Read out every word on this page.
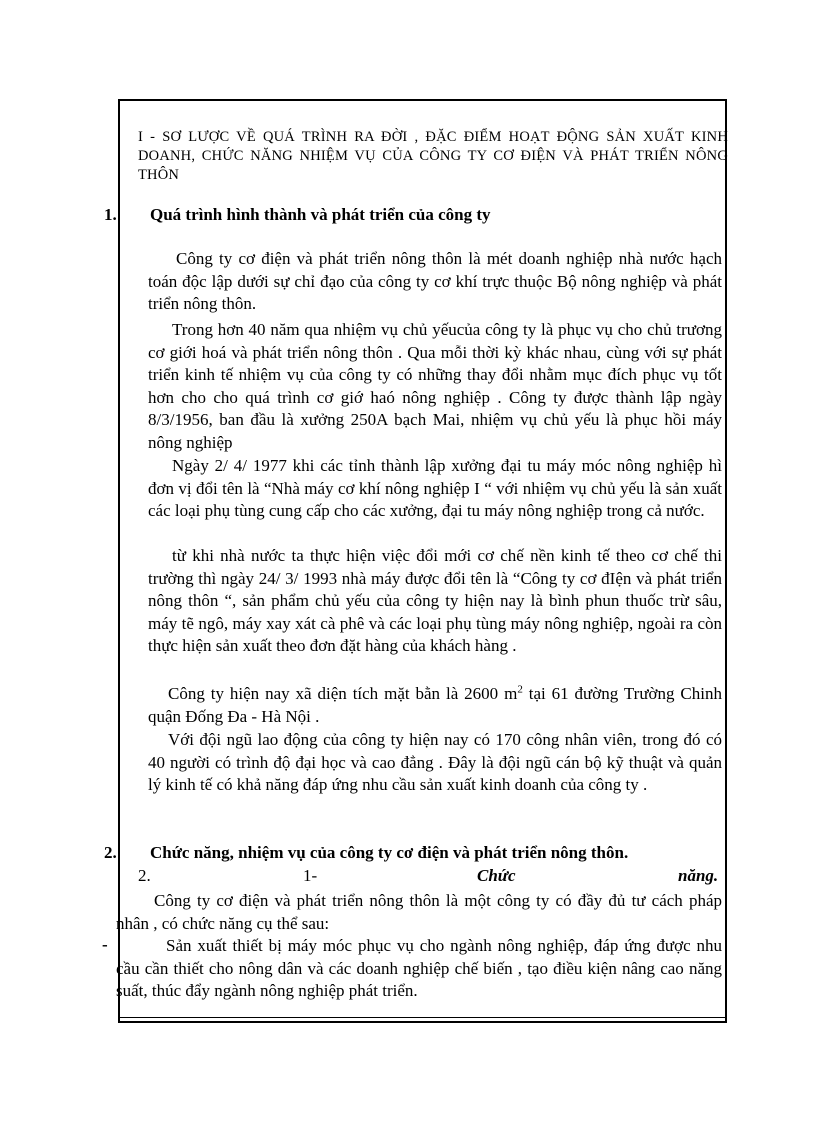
I - SƠ LƯỢC VỀ QUÁ TRÌNH RA ĐỜI , ĐẶC ĐIỂM HOẠT ĐỘNG SẢN XUẤT KINH DOANH, CHỨC NĂNG NHIỆM VỤ CỦA CÔNG TY CƠ ĐIỆN VÀ PHÁT TRIỂN NÔNG THÔN
1. Quá trình hình thành và phát triển của công ty
Công ty cơ điện và phát triển nông thôn là mét doanh nghiệp nhà nước hạch toán độc lập dưới sự chỉ đạo của công ty cơ khí trực thuộc Bộ nông nghiệp và phát triển nông thôn.
Trong hơn 40 năm qua nhiệm vụ chủ yếucủa công ty là phục vụ cho chủ trương cơ giới hoá và phát triển nông thôn . Qua mỗi thời kỳ khác nhau, cùng với sự phát triển kinh tế nhiệm vụ của công ty có những thay đổi nhằm mục đích phục vụ tốt hơn cho cho quá trình cơ giớ haó nông nghiệp . Công ty được thành lập ngày 8/3/1956, ban đầu là xưởng 250A bạch Mai, nhiệm vụ chủ yếu là phục hồi máy nông nghiệp
Ngày 2/ 4/ 1977 khi các tỉnh thành lập xưởng đại tu máy móc nông nghiệp hì đơn vị đổi tên là “Nhà máy cơ khí nông nghiệp I “ với nhiệm vụ chủ yếu là sản xuất các loại phụ tùng cung cấp cho các xưởng, đại tu máy nông nghiệp trong cả nước.
từ khi nhà nước ta thực hiện việc đổi mới cơ chế nền kinh tế theo cơ chế thi trường thì ngày 24/ 3/ 1993 nhà máy được đổi tên là “Công ty cơ đIện và phát triển nông thôn “, sản phẩm chủ yếu của công ty hiện nay là bình phun thuốc trừ sâu, máy tẽ ngô, máy xay xát cà phê và các loại phụ tùng máy nông nghiệp, ngoài ra còn thực hiện sản xuất theo đơn đặt hàng của khách hàng .
Công ty hiện nay xã diện tích mặt bằn là 2600 $m^2$ tại 61 đường Trường Chinh quận Đống Đa - Hà Nội .
Với đội ngũ lao động của công ty hiện nay có 170 công nhân viên, trong đó có 40 người có trình độ đại học và cao đẳng . Đây là đội ngũ cán bộ kỹ thuật và quản lý kinh tế có khả năng đáp ứng nhu cầu sản xuất kinh doanh của công ty .
2. Chức năng, nhiệm vụ của công ty cơ điện và phát triển nông thôn.
2.	1-	Chức	năng.
Công ty cơ điện và phát triển nông thôn là một công ty có đầy đủ tư cách pháp nhân , có chức năng cụ thể sau:
-	Sản xuất thiết bị máy móc phục vụ cho ngành nông nghiệp, đáp ứng được nhu cầu cần thiết cho nông dân và các doanh nghiệp chế biến , tạo điều kiện nâng cao năng suất, thúc đẩy ngành nông nghiệp phát triển.
